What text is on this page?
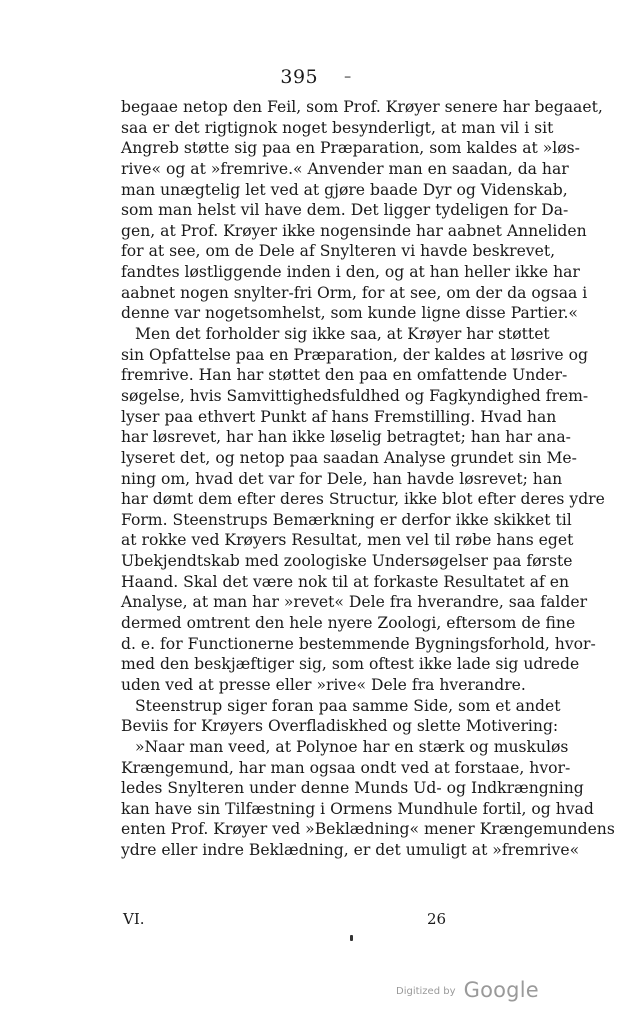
395 –
begaae netop den Feil, som Prof. Krøyer senere har begaaet,
saa er det rigtignok noget besynderligt, at man vil i sit
Angreb støtte sig paa en Præparation, som kaldes at »løs-
rive« og at »fremrive.« Anvender man en saadan, da har
man unægtelig let ved at gjøre baade Dyr og Videnskab,
som man helst vil have dem. Det ligger tydeligen for Da-
gen, at Prof. Krøyer ikke nogensinde har aabnet Anneliden
for at see, om de Dele af Snylteren vi havde beskrevet,
fandtes løstliggende inden i den, og at han heller ikke har
aabnet nogen snylter-fri Orm, for at see, om der da ogsaa i
denne var nogetsomhelst, som kunde ligne disse Partier.«
Men det forholder sig ikke saa, at Krøyer har støttet
sin Opfattelse paa en Præparation, der kaldes at løsrive og
fremrive. Han har støttet den paa en omfattende Under-
søgelse, hvis Samvittighedsfuldhed og Fagkyndighed frem-
lyser paa ethvert Punkt af hans Fremstilling. Hvad han
har løsrevet, har han ikke løselig betragtet; han har ana-
lyseret det, og netop paa saadan Analyse grundet sin Me-
ning om, hvad det var for Dele, han havde løsrevet; han
har dømt dem efter deres Structur, ikke blot efter deres ydre
Form. Steenstrups Bemærkning er derfor ikke skikket til
at rokke ved Krøyers Resultat, men vel til røbe hans eget
Ubekjendtskab med zoologiske Undersøgelser paa første
Haand. Skal det være nok til at forkaste Resultatet af en
Analyse, at man har »revet« Dele fra hverandre, saa falder
dermed omtrent den hele nyere Zoologi, eftersom de fine
d. e. for Functionerne bestemmende Bygningsforhold, hvor-
med den beskjæftiger sig, som oftest ikke lade sig udrede
uden ved at presse eller »rive« Dele fra hverandre.
Steenstrup siger foran paa samme Side, som et andet
Beviis for Krøyers Overfladiskhed og slette Motivering:
»Naar man veed, at Polynoe har en stærk og muskuløs
Krængemund, har man ogsaa ondt ved at forstaae, hvor-
ledes Snylteren under denne Munds Ud- og Indkrængning
kan have sin Tilfæstning i Ormens Mundhule fortil, og hvad
enten Prof. Krøyer ved »Beklædning« mener Krængemundens
ydre eller indre Beklædning, er det umuligt at »fremrive«
VI.	26
Digitized by Google
